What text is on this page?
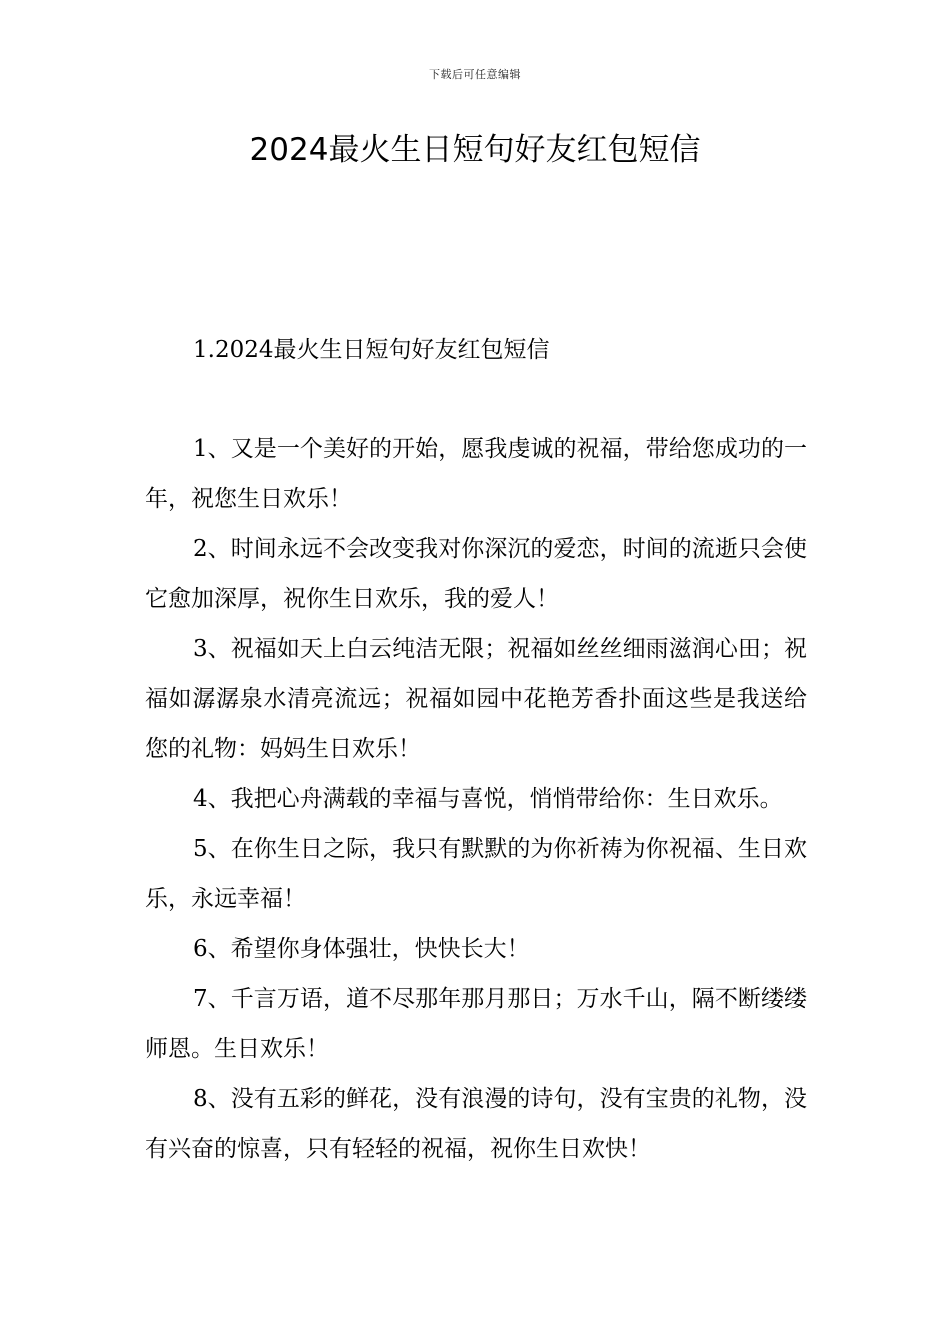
下载后可任意编辑
2024最火生日短句好友红包短信
1.2024最火生日短句好友红包短信
1、又是一个美好的开始，愿我虔诚的祝福，带给您成功的一年，祝您生日欢乐！
2、时间永远不会改变我对你深沉的爱恋，时间的流逝只会使它愈加深厚，祝你生日欢乐，我的爱人！
3、祝福如天上白云纯洁无限；祝福如丝丝细雨滋润心田；祝福如潺潺泉水清亮流远；祝福如园中花艳芳香扑面这些是我送给您的礼物：妈妈生日欢乐！
4、我把心舟满载的幸福与喜悦，悄悄带给你：生日欢乐。
5、在你生日之际，我只有默默的为你祈祷为你祝福、生日欢乐，永远幸福！
6、希望你身体强壮，快快长大！
7、千言万语，道不尽那年那月那日；万水千山，隔不断缕缕师恩。生日欢乐！
8、没有五彩的鲜花，没有浪漫的诗句，没有宝贵的礼物，没有兴奋的惊喜，只有轻轻的祝福，祝你生日欢快！
